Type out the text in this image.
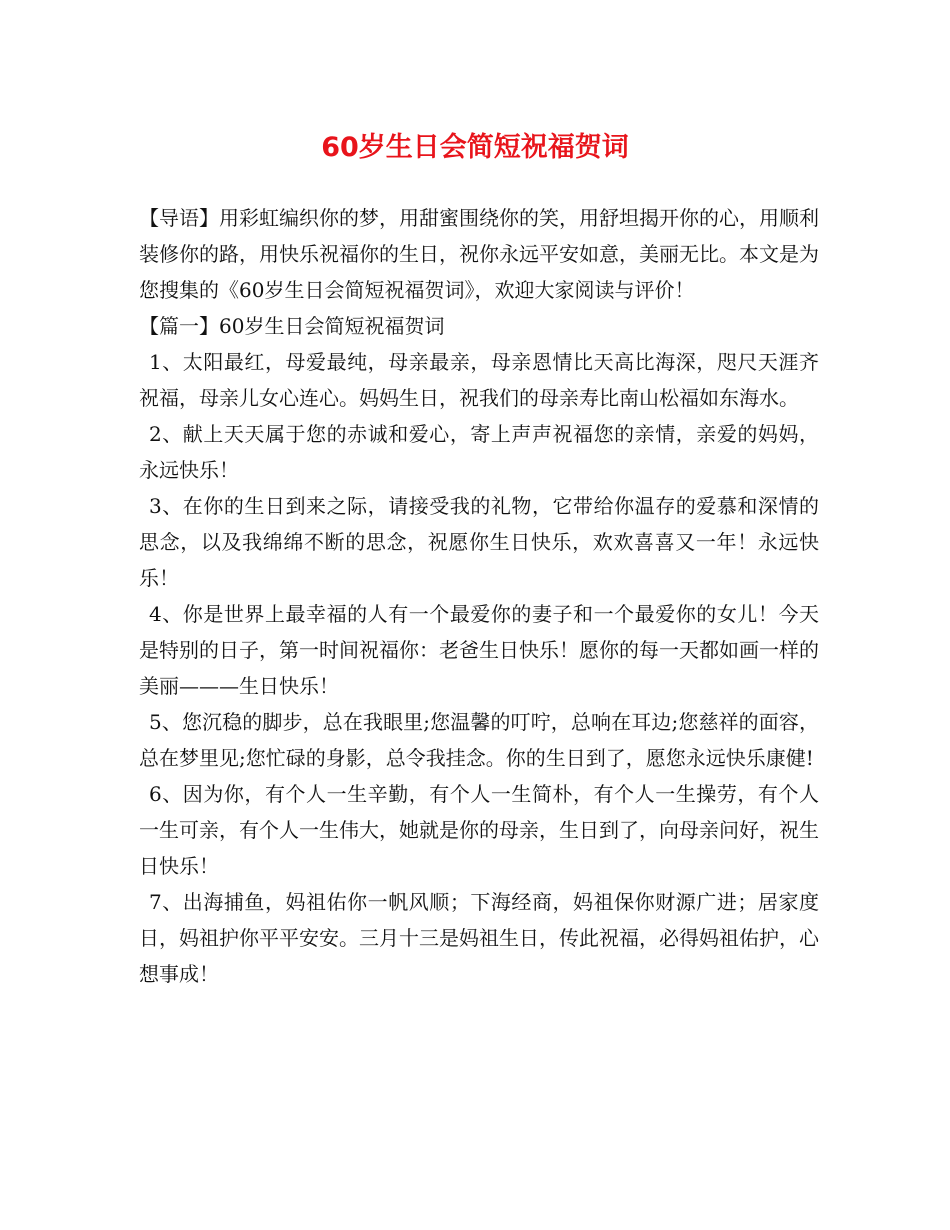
60岁生日会简短祝福贺词

【导语】用彩虹编织你的梦，用甜蜜围绕你的笑，用舒坦揭开你的心，用顺利装修你的路，用快乐祝福你的生日，祝你永远平安如意，美丽无比。本文是为您搜集的《60岁生日会简短祝福贺词》，欢迎大家阅读与评价！

【篇一】60岁生日会简短祝福贺词

1、太阳最红，母爱最纯，母亲最亲，母亲恩情比天高比海深，咫尺天涯齐祝福，母亲儿女心连心。妈妈生日，祝我们的母亲寿比南山松福如东海水。

2、献上天天属于您的赤诚和爱心，寄上声声祝福您的亲情，亲爱的妈妈，永远快乐！

3、在你的生日到来之际，请接受我的礼物，它带给你温存的爱慕和深情的思念，以及我绵绵不断的思念，祝愿你生日快乐，欢欢喜喜又一年！永远快乐！

4、你是世界上最幸福的人有一个最爱你的妻子和一个最爱你的女儿！今天是特别的日子，第一时间祝福你：老爸生日快乐！愿你的每一天都如画一样的美丽———生日快乐！

5、您沉稳的脚步，总在我眼里;您温馨的叮咛，总响在耳边;您慈祥的面容，总在梦里见;您忙碌的身影，总令我挂念。你的生日到了，愿您永远快乐康健!

6、因为你，有个人一生辛勤，有个人一生简朴，有个人一生操劳，有个人一生可亲，有个人一生伟大，她就是你的母亲，生日到了，向母亲问好，祝生日快乐！

7、出海捕鱼，妈祖佑你一帆风顺；下海经商，妈祖保你财源广进；居家度日，妈祖护你平平安安。三月十三是妈祖生日，传此祝福，必得妈祖佑护，心想事成！
